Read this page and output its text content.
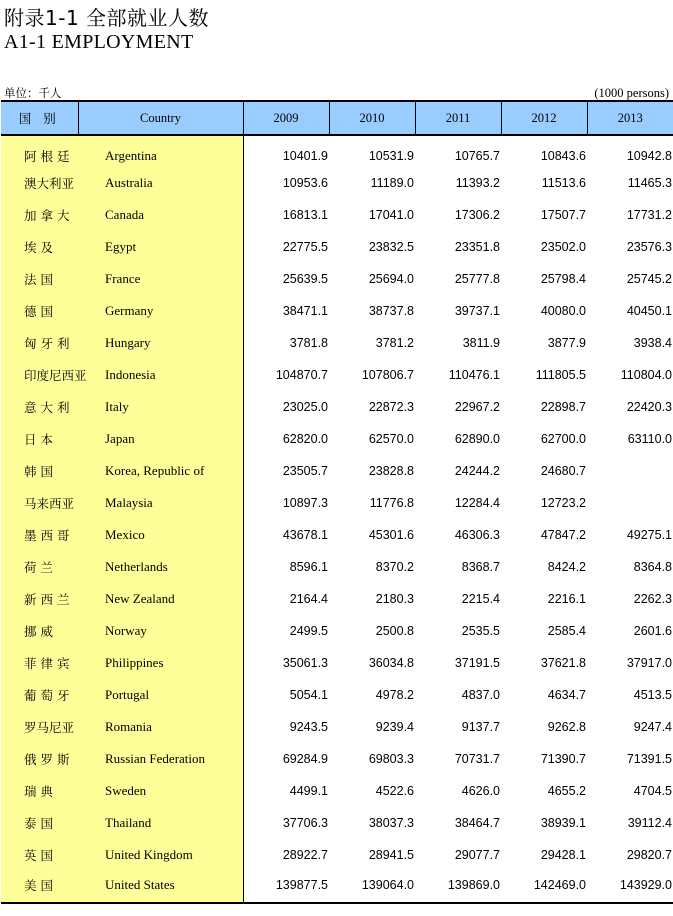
附录1-1 全部就业人数
A1-1 EMPLOYMENT
单位：千人	(1000 persons)
国别	Country	2009	2010	2011	2012	2013
阿 根 廷	Argentina	10401.9	10531.9	10765.7	10843.6	10942.8
澳大利亚	Australia	10953.6	11189.0	11393.2	11513.6	11465.3
加 拿 大	Canada	16813.1	17041.0	17306.2	17507.7	17731.2
埃 及	Egypt	22775.5	23832.5	23351.8	23502.0	23576.3
法 国	France	25639.5	25694.0	25777.8	25798.4	25745.2
德 国	Germany	38471.1	38737.8	39737.1	40080.0	40450.1
匈 牙 利	Hungary	3781.8	3781.2	3811.9	3877.9	3938.4
印度尼西亚	Indonesia	104870.7	107806.7	110476.1	111805.5	110804.0
意 大 利	Italy	23025.0	22872.3	22967.2	22898.7	22420.3
日 本	Japan	62820.0	62570.0	62890.0	62700.0	63110.0
韩 国	Korea, Republic of	23505.7	23828.8	24244.2	24680.7	
马来西亚	Malaysia	10897.3	11776.8	12284.4	12723.2	
墨 西 哥	Mexico	43678.1	45301.6	46306.3	47847.2	49275.1
荷 兰	Netherlands	8596.1	8370.2	8368.7	8424.2	8364.8
新 西 兰	New Zealand	2164.4	2180.3	2215.4	2216.1	2262.3
挪 威	Norway	2499.5	2500.8	2535.5	2585.4	2601.6
菲 律 宾	Philippines	35061.3	36034.8	37191.5	37621.8	37917.0
葡 萄 牙	Portugal	5054.1	4978.2	4837.0	4634.7	4513.5
罗马尼亚	Romania	9243.5	9239.4	9137.7	9262.8	9247.4
俄 罗 斯	Russian Federation	69284.9	69803.3	70731.7	71390.7	71391.5
瑞 典	Sweden	4499.1	4522.6	4626.0	4655.2	4704.5
泰 国	Thailand	37706.3	38037.3	38464.7	38939.1	39112.4
英 国	United Kingdom	28922.7	28941.5	29077.7	29428.1	29820.7
美 国	United States	139877.5	139064.0	139869.0	142469.0	143929.0
